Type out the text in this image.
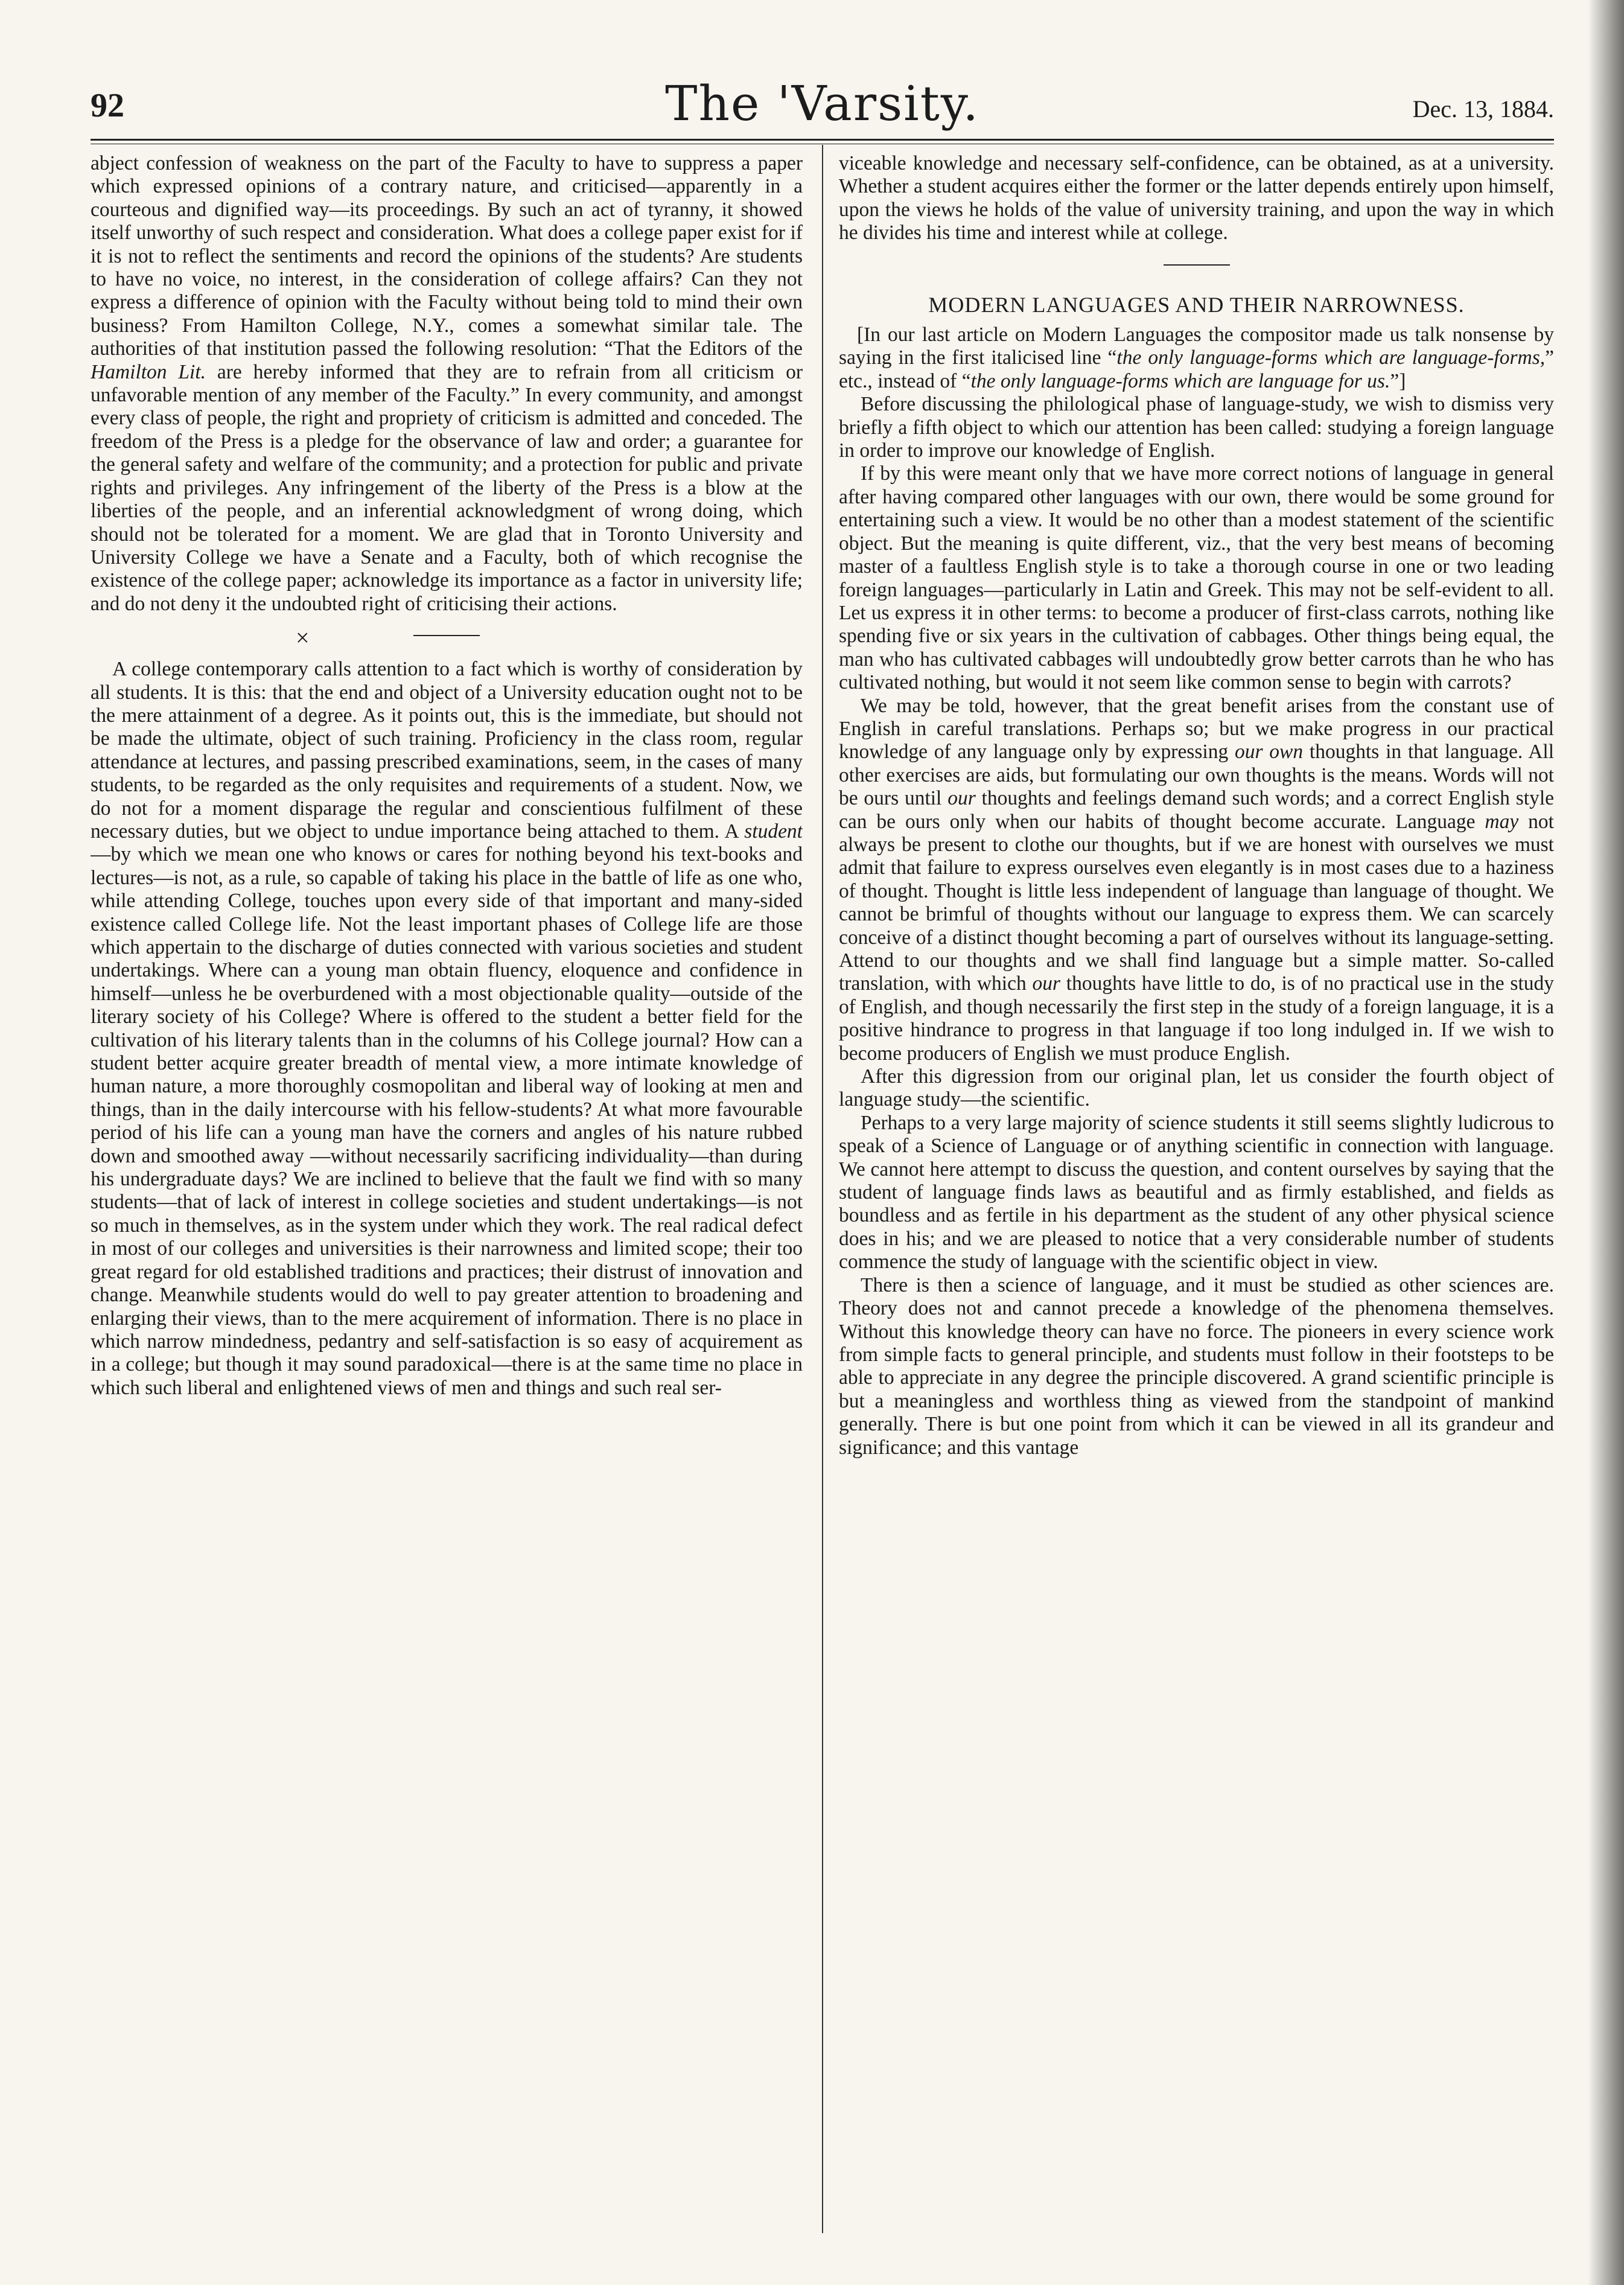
92	The 'Varsity.	Dec. 13, 1884.

abject confession of weakness on the part of the Faculty to have to suppress a paper which expressed opinions of a contrary nature, and criticised—apparently in a courteous and dignified way—its proceedings. By such an act of tyranny, it showed itself unworthy of such respect and consideration. What does a college paper exist for if it is not to reflect the sentiments and record the opinions of the students? Are students to have no voice, no interest, in the consideration of college affairs? Can they not express a difference of opinion with the Faculty without being told to mind their own business? From Hamilton College, N.Y., comes a somewhat similar tale. The authorities of that institution passed the following resolution: “That the Editors of the Hamilton Lit. are hereby informed that they are to refrain from all criticism or unfavorable mention of any member of the Faculty.” In every community, and amongst every class of people, the right and propriety of criticism is admitted and conceded. The freedom of the Press is a pledge for the observance of law and order; a guarantee for the general safety and welfare of the community; and a protection for public and private rights and privileges. Any infringement of the liberty of the Press is a blow at the liberties of the people, and an inferential acknowledgment of wrong doing, which should not be tolerated for a moment. We are glad that in Toronto University and University College we have a Senate and a Faculty, both of which recognise the existence of the college paper; acknowledge its importance as a factor in university life; and do not deny it the undoubted right of criticising their actions.

×

A college contemporary calls attention to a fact which is worthy of consideration by all students. It is this: that the end and object of a University education ought not to be the mere attainment of a degree. As it points out, this is the immediate, but should not be made the ultimate, object of such training. Proficiency in the class room, regular attendance at lectures, and passing prescribed examinations, seem, in the cases of many students, to be regarded as the only requisites and requirements of a student. Now, we do not for a moment disparage the regular and conscientious fulfilment of these necessary duties, but we object to undue importance being attached to them. A student—by which we mean one who knows or cares for nothing beyond his text-books and lectures—is not, as a rule, so capable of taking his place in the battle of life as one who, while attending College, touches upon every side of that important and many-sided existence called College life. Not the least important phases of College life are those which appertain to the discharge of duties connected with various societies and student undertakings. Where can a young man obtain fluency, eloquence and confidence in himself—unless he be overburdened with a most objectionable quality—outside of the literary society of his College? Where is offered to the student a better field for the cultivation of his literary talents than in the columns of his College journal? How can a student better acquire greater breadth of mental view, a more intimate knowledge of human nature, a more thoroughly cosmopolitan and liberal way of looking at men and things, than in the daily intercourse with his fellow-students? At what more favourable period of his life can a young man have the corners and angles of his nature rubbed down and smoothed away —without necessarily sacrificing individuality—than during his undergraduate days? We are inclined to believe that the fault we find with so many students—that of lack of interest in college societies and student undertakings—is not so much in themselves, as in the system under which they work. The real radical defect in most of our colleges and universities is their narrowness and limited scope; their too great regard for old established traditions and practices; their distrust of innovation and change. Meanwhile students would do well to pay greater attention to broadening and enlarging their views, than to the mere acquirement of information. There is no place in which narrow mindedness, pedantry and self-satisfaction is so easy of acquirement as in a college; but though it may sound paradoxical—there is at the same time no place in which such liberal and enlightened views of men and things and such real ser-

viceable knowledge and necessary self-confidence, can be obtained, as at a university. Whether a student acquires either the former or the latter depends entirely upon himself, upon the views he holds of the value of university training, and upon the way in which he divides his time and interest while at college.

MODERN LANGUAGES AND THEIR NARROWNESS.

[In our last article on Modern Languages the compositor made us talk nonsense by saying in the first italicised line “the only language-forms which are language-forms,” etc., instead of “the only language-forms which are language for us.”]

Before discussing the philological phase of language-study, we wish to dismiss very briefly a fifth object to which our attention has been called: studying a foreign language in order to improve our knowledge of English.

If by this were meant only that we have more correct notions of language in general after having compared other languages with our own, there would be some ground for entertaining such a view. It would be no other than a modest statement of the scientific object. But the meaning is quite different, viz., that the very best means of becoming master of a faultless English style is to take a thorough course in one or two leading foreign languages—particularly in Latin and Greek. This may not be self-evident to all. Let us express it in other terms: to become a producer of first-class carrots, nothing like spending five or six years in the cultivation of cabbages. Other things being equal, the man who has cultivated cabbages will undoubtedly grow better carrots than he who has cultivated nothing, but would it not seem like common sense to begin with carrots?

We may be told, however, that the great benefit arises from the constant use of English in careful translations. Perhaps so; but we make progress in our practical knowledge of any language only by expressing our own thoughts in that language. All other exercises are aids, but formulating our own thoughts is the means. Words will not be ours until our thoughts and feelings demand such words; and a correct English style can be ours only when our habits of thought become accurate. Language may not always be present to clothe our thoughts, but if we are honest with ourselves we must admit that failure to express ourselves even elegantly is in most cases due to a haziness of thought. Thought is little less independent of language than language of thought. We cannot be brimful of thoughts without our language to express them. We can scarcely conceive of a distinct thought becoming a part of ourselves without its language-setting. Attend to our thoughts and we shall find language but a simple matter. So-called translation, with which our thoughts have little to do, is of no practical use in the study of English, and though necessarily the first step in the study of a foreign language, it is a positive hindrance to progress in that language if too long indulged in. If we wish to become producers of English we must produce English.

After this digression from our original plan, let us consider the fourth object of language study—the scientific.

Perhaps to a very large majority of science students it still seems slightly ludicrous to speak of a Science of Language or of anything scientific in connection with language. We cannot here attempt to discuss the question, and content ourselves by saying that the student of language finds laws as beautiful and as firmly established, and fields as boundless and as fertile in his department as the student of any other physical science does in his; and we are pleased to notice that a very considerable number of students commence the study of language with the scientific object in view.

There is then a science of language, and it must be studied as other sciences are. Theory does not and cannot precede a knowledge of the phenomena themselves. Without this knowledge theory can have no force. The pioneers in every science work from simple facts to general principle, and students must follow in their footsteps to be able to appreciate in any degree the principle discovered. A grand scientific principle is but a meaningless and worthless thing as viewed from the standpoint of mankind generally. There is but one point from which it can be viewed in all its grandeur and significance; and this vantage
